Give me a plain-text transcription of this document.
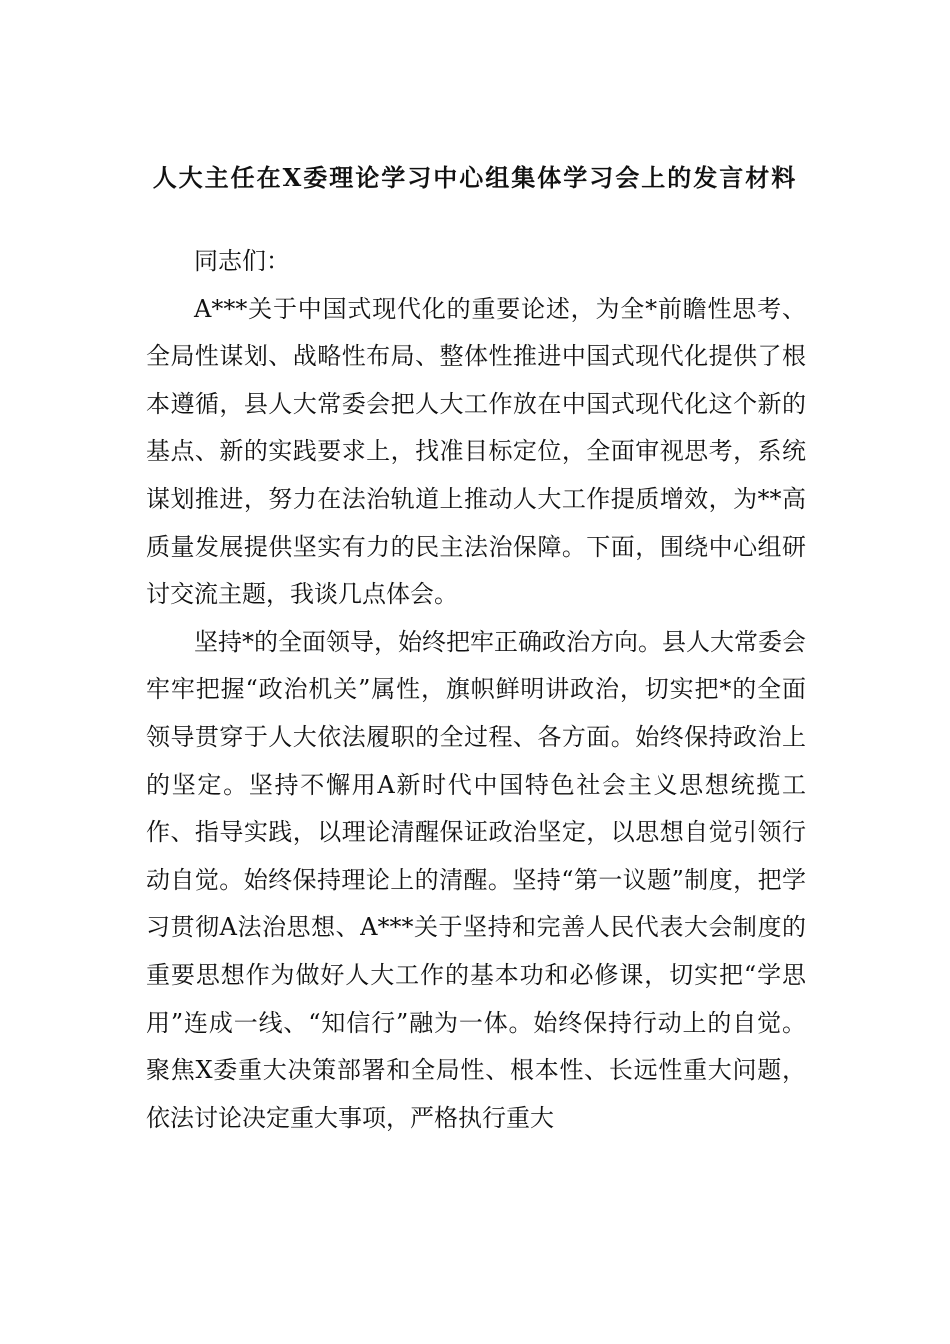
人大主任在X委理论学习中心组集体学习会上的发言材料

同志们：

A***关于中国式现代化的重要论述，为全*前瞻性思考、全局性谋划、战略性布局、整体性推进中国式现代化提供了根本遵循，县人大常委会把人大工作放在中国式现代化这个新的基点、新的实践要求上，找准目标定位，全面审视思考，系统谋划推进，努力在法治轨道上推动人大工作提质增效，为**高质量发展提供坚实有力的民主法治保障。下面，围绕中心组研讨交流主题，我谈几点体会。

坚持*的全面领导，始终把牢正确政治方向。县人大常委会牢牢把握“政治机关”属性，旗帜鲜明讲政治，切实把*的全面领导贯穿于人大依法履职的全过程、各方面。始终保持政治上的坚定。坚持不懈用A新时代中国特色社会主义思想统揽工作、指导实践，以理论清醒保证政治坚定，以思想自觉引领行动自觉。始终保持理论上的清醒。坚持“第一议题”制度，把学习贯彻A法治思想、A***关于坚持和完善人民代表大会制度的重要思想作为做好人大工作的基本功和必修课，切实把“学思用”连成一线、“知信行”融为一体。始终保持行动上的自觉。聚焦X委重大决策部署和全局性、根本性、长远性重大问题，依法讨论决定重大事项，严格执行重大
